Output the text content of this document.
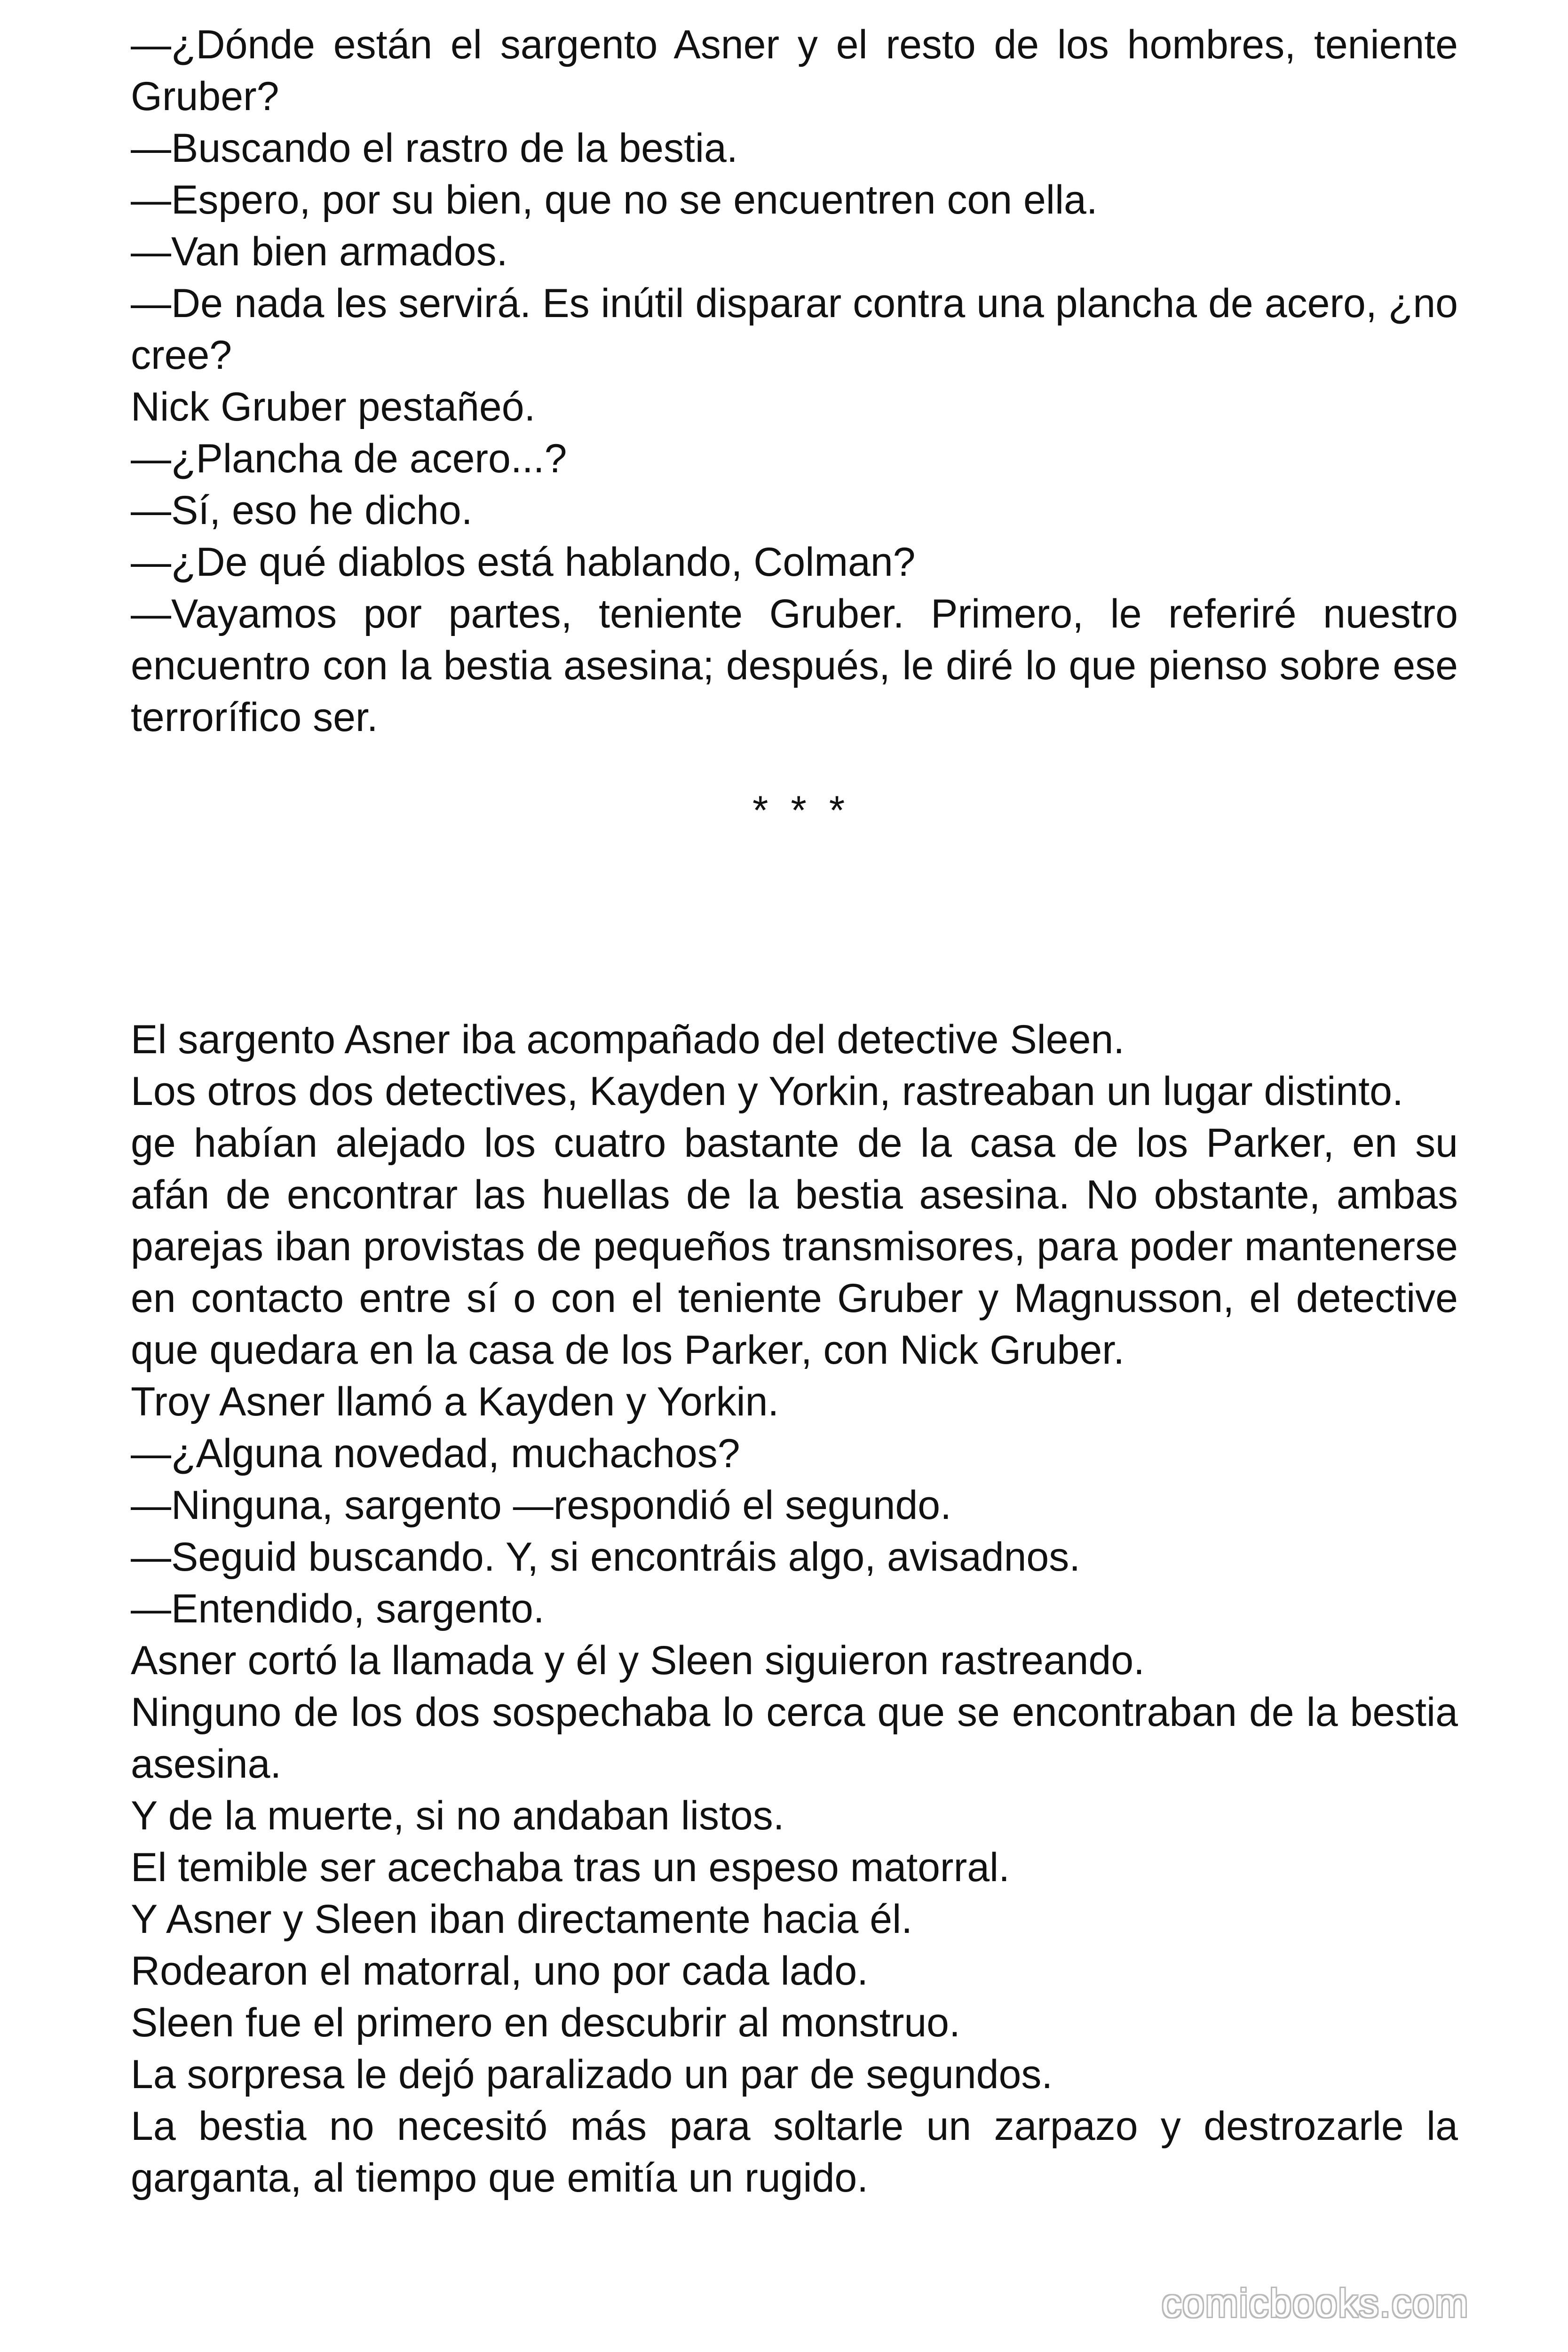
—¿Dónde están el sargento Asner y el resto de los hombres, teniente Gruber?

—Buscando el rastro de la bestia.

—Espero, por su bien, que no se encuentren con ella.

—Van bien armados.

—De nada les servirá. Es inútil disparar contra una plancha de acero, ¿no cree?

Nick Gruber pestañeó.

—¿Plancha de acero...?

—Sí, eso he dicho.

—¿De qué diablos está hablando, Colman?

—Vayamos por partes, teniente Gruber. Primero, le referiré nuestro encuentro con la bestia asesina; después, le diré lo que pienso sobre ese terrorífico ser.

* * *

El sargento Asner iba acompañado del detective Sleen.

Los otros dos detectives, Kayden y Yorkin, rastreaban un lugar distinto.

ge habían alejado los cuatro bastante de la casa de los Parker, en su afán de encontrar las huellas de la bestia asesina. No obstante, ambas parejas iban provistas de pequeños transmisores, para poder mantenerse en contacto entre sí o con el teniente Gruber y Magnusson, el detective que quedara en la casa de los Parker, con Nick Gruber.

Troy Asner llamó a Kayden y Yorkin.

—¿Alguna novedad, muchachos?

—Ninguna, sargento —respondió el segundo.

—Seguid buscando. Y, si encontráis algo, avisadnos.

—Entendido, sargento.

Asner cortó la llamada y él y Sleen siguieron rastreando.

Ninguno de los dos sospechaba lo cerca que se encontraban de la bestia asesina.

Y de la muerte, si no andaban listos.

El temible ser acechaba tras un espeso matorral.

Y Asner y Sleen iban directamente hacia él.

Rodearon el matorral, uno por cada lado.

Sleen fue el primero en descubrir al monstruo.

La sorpresa le dejó paralizado un par de segundos.

La bestia no necesitó más para soltarle un zarpazo y destrozarle la garganta, al tiempo que emitía un rugido.

comicbooks.com
